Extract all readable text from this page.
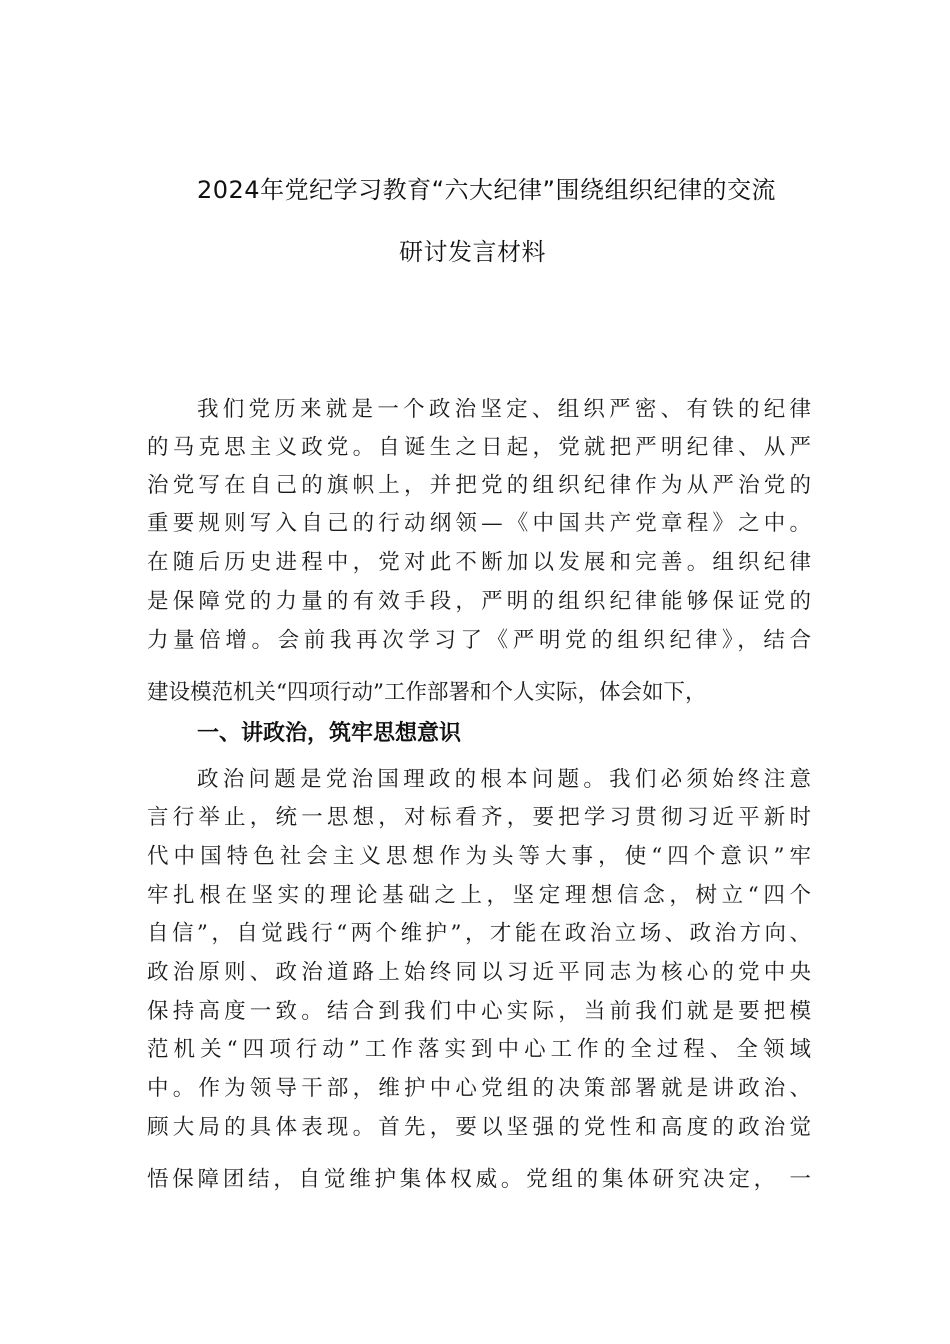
2024年党纪学习教育“六大纪律”围绕组织纪律的交流
研讨发言材料
我们党历来就是一个政治坚定、组织严密、有铁的纪律
的马克思主义政党。自诞生之日起，党就把严明纪律、从严
治党写在自己的旗帜上，并把党的组织纪律作为从严治党的
重要规则写入自己的行动纲领—《中国共产党章程》之中。
在随后历史进程中，党对此不断加以发展和完善。组织纪律
是保障党的力量的有效手段，严明的组织纪律能够保证党的
力量倍增。会前我再次学习了《严明党的组织纪律》，结合
建设模范机关“四项行动”工作部署和个人实际，体会如下，
一、讲政治，筑牢思想意识
政治问题是党治国理政的根本问题。我们必须始终注意
言行举止，统一思想，对标看齐，要把学习贯彻习近平新时
代中国特色社会主义思想作为头等大事，使“四个意识”牢
牢扎根在坚实的理论基础之上，坚定理想信念，树立“四个
自信”，自觉践行“两个维护”，才能在政治立场、政治方向、
政治原则、政治道路上始终同以习近平同志为核心的党中央
保持高度一致。结合到我们中心实际，当前我们就是要把模
范机关“四项行动”工作落实到中心工作的全过程、全领域
中。作为领导干部，维护中心党组的决策部署就是讲政治、
顾大局的具体表现。首先，要以坚强的党性和高度的政治觉
悟保障团结，自觉维护集体权威。党组的集体研究决定， 一
